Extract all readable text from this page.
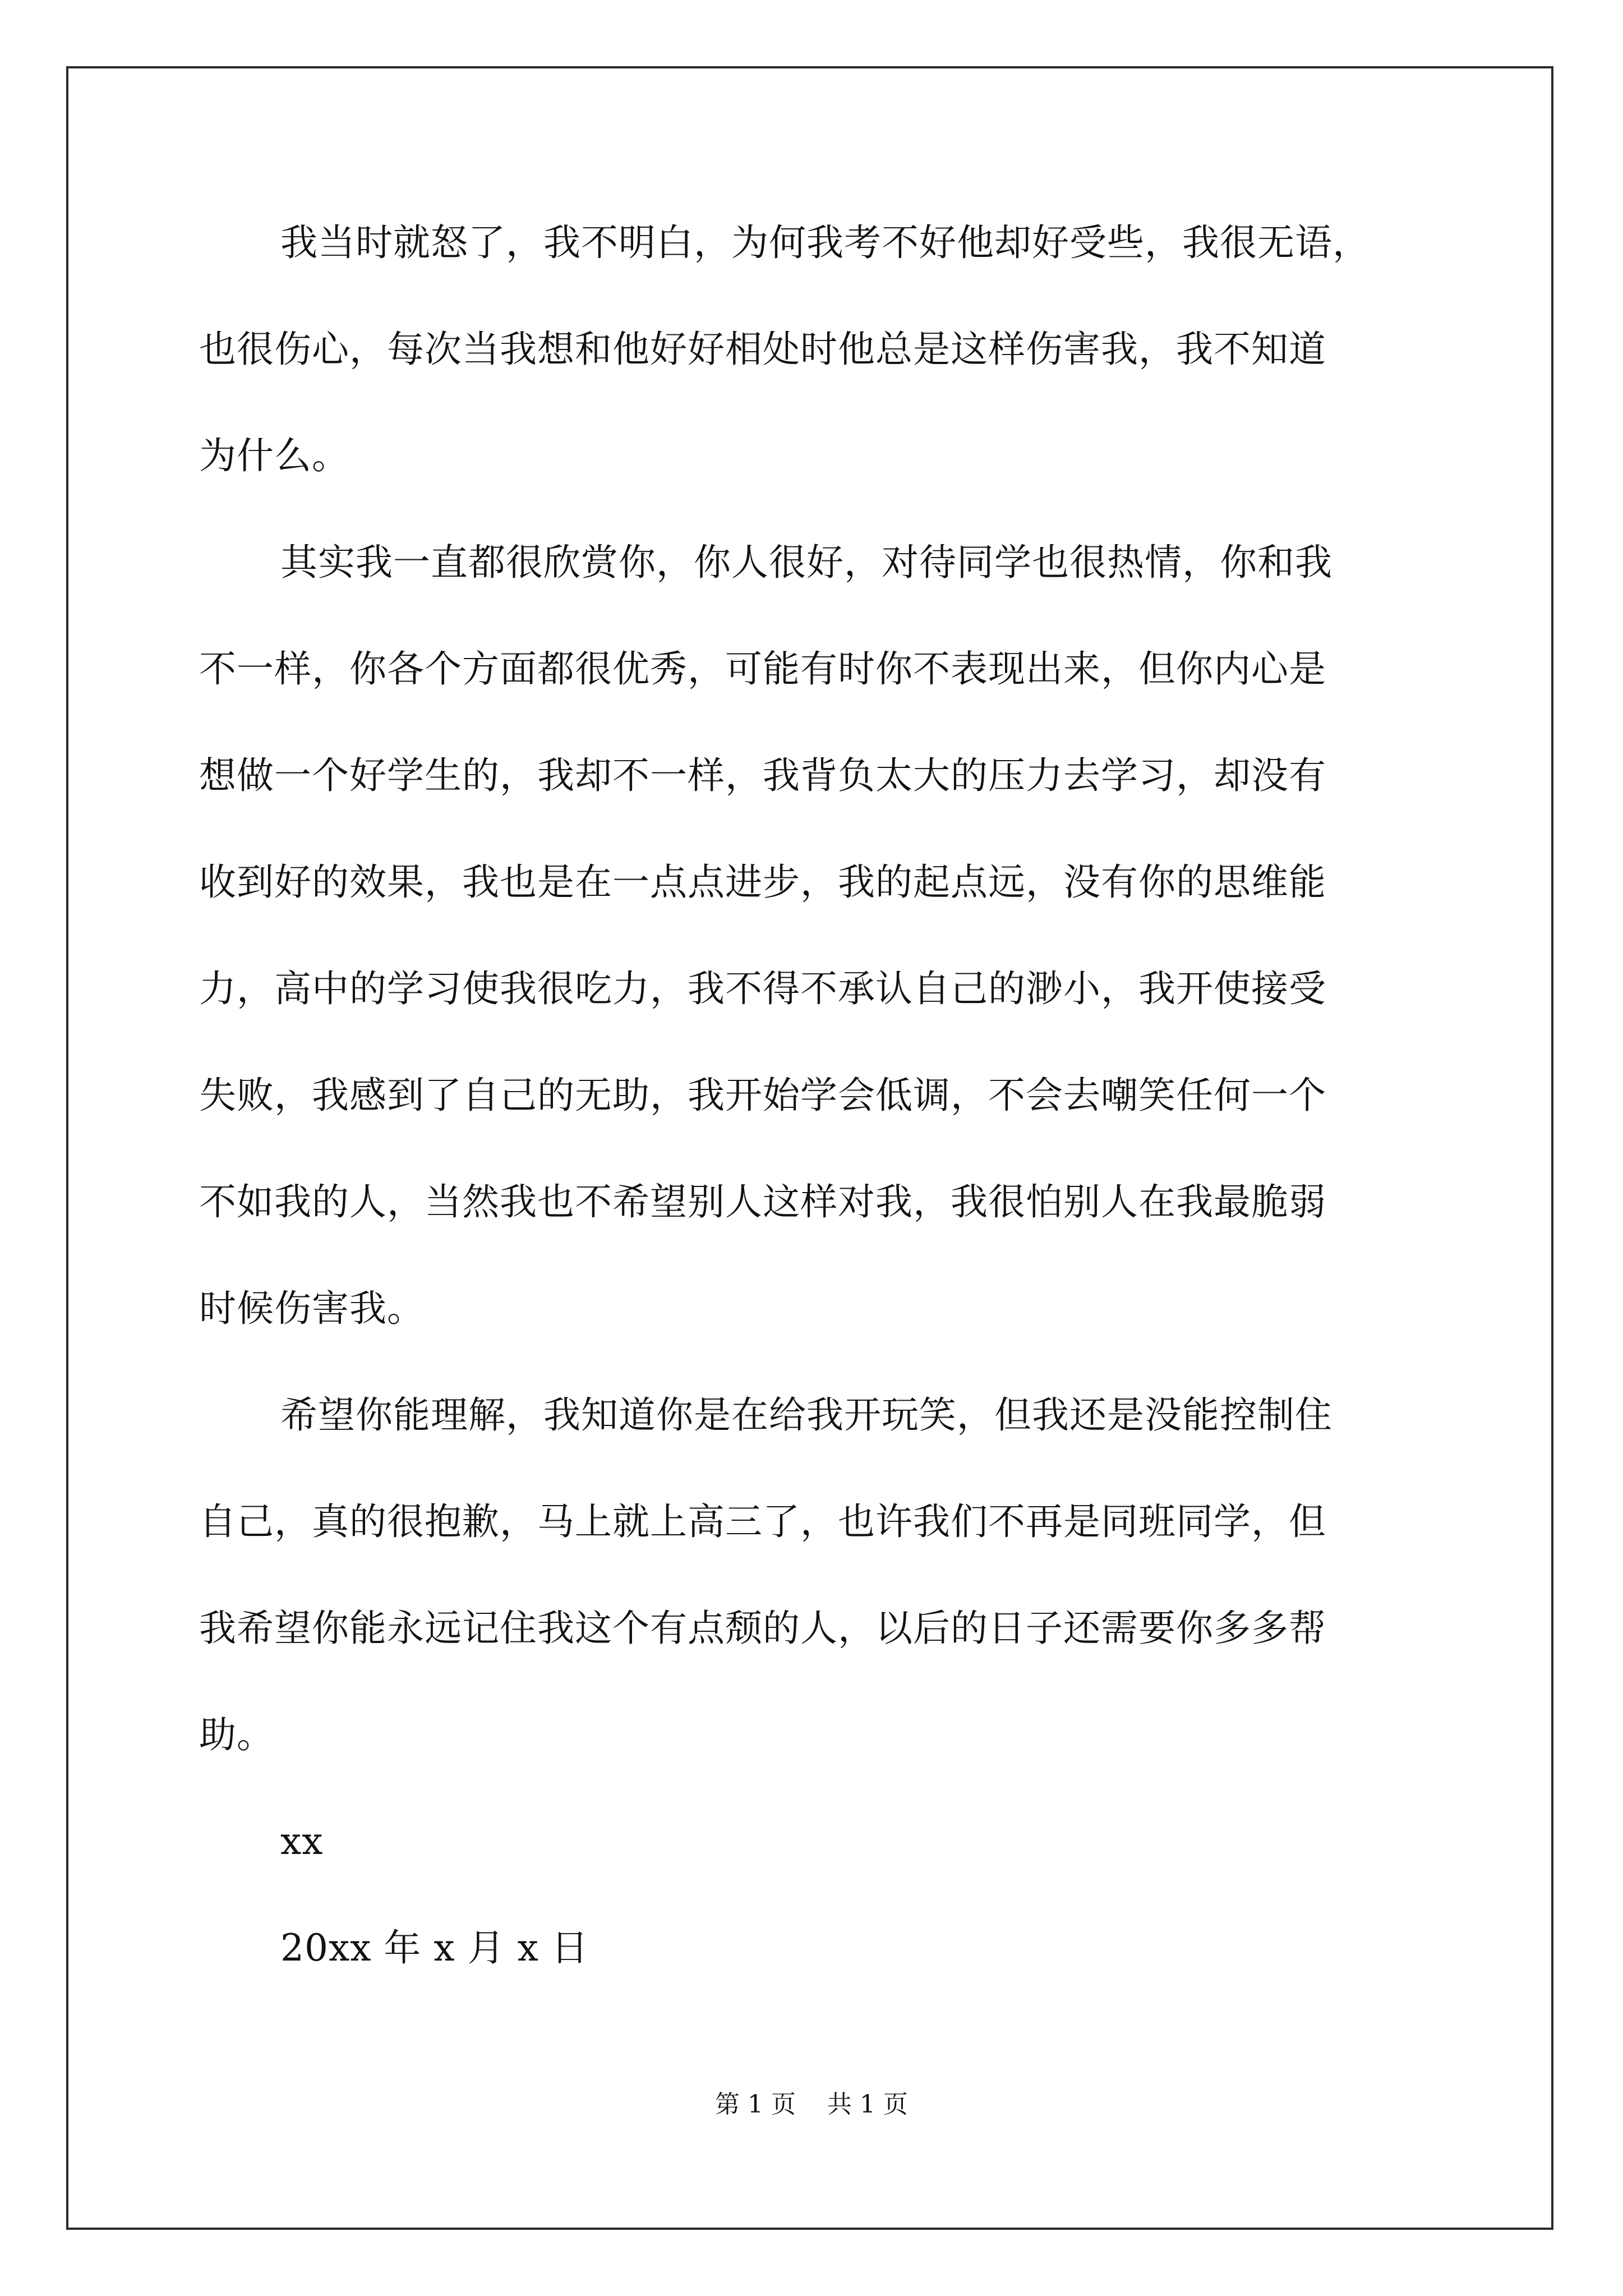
我当时就怒了，我不明白，为何我考不好他却好受些，我很无语，
也很伤心，每次当我想和他好好相处时他总是这样伤害我，我不知道
为什么。
其实我一直都很欣赏你，你人很好，对待同学也很热情，你和我
不一样，你各个方面都很优秀，可能有时你不表现出来，但你内心是
想做一个好学生的，我却不一样，我背负太大的压力去学习，却没有
收到好的效果，我也是在一点点进步，我的起点远，没有你的思维能
力，高中的学习使我很吃力，我不得不承认自己的渺小，我开使接受
失败，我感到了自己的无助，我开始学会低调，不会去嘲笑任何一个
不如我的人，当然我也不希望别人这样对我，我很怕别人在我最脆弱
时候伤害我。
希望你能理解，我知道你是在给我开玩笑，但我还是没能控制住
自己，真的很抱歉，马上就上高三了，也许我们不再是同班同学，但
我希望你能永远记住我这个有点颓的人，以后的日子还需要你多多帮
助。
xx
20xx 年 x 月 x 日
第 1 页    共 1 页
